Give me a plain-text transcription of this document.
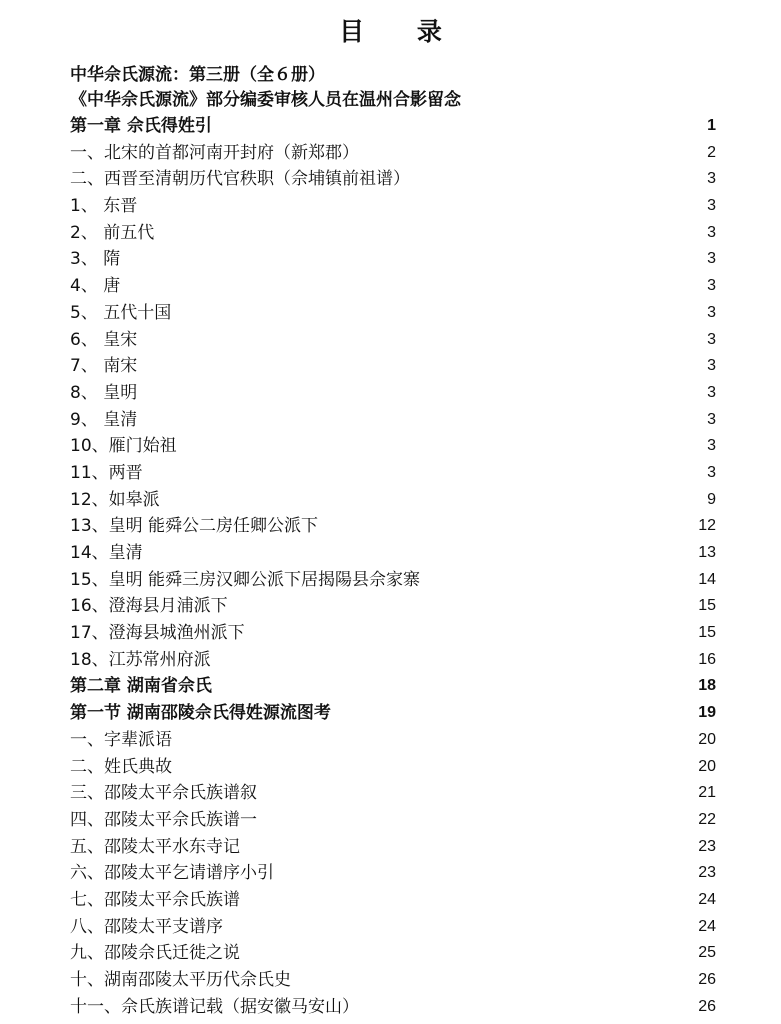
目 录
中华佘氏源流：第三册（全６册）
《中华佘氏源流》部分编委审核人员在温州合影留念
第一章 佘氏得姓引	1
一、北宋的首都河南开封府（新郑郡）	2
二、西晋至清朝历代官秩职（佘埔镇前祖谱）	3
1、 东晋	3
2、 前五代	3
3、 隋	3
4、 唐	3
5、 五代十国	3
6、 皇宋	3
7、 南宋	3
8、 皇明	3
9、 皇清	3
10、雁门始祖	3
11、两晋	3
12、如皋派	9
13、皇明 能舜公二房任卿公派下	12
14、皇清	13
15、皇明 能舜三房汉卿公派下居揭陽县佘家寨	14
16、澄海县月浦派下	15
17、澄海县城渔州派下	15
18、江苏常州府派	16
第二章 湖南省佘氏	18
第一节 湖南邵陵佘氏得姓源流图考	19
一、字辈派语	20
二、姓氏典故	20
三、邵陵太平佘氏族谱叙	21
四、邵陵太平佘氏族谱一	22
五、邵陵太平水东寺记	23
六、邵陵太平乞请谱序小引	23
七、邵陵太平佘氏族谱	24
八、邵陵太平支谱序	24
九、邵陵佘氏迁徙之说	25
十、湖南邵陵太平历代佘氏史	26
十一、佘氏族谱记载（据安徽马安山）	26
